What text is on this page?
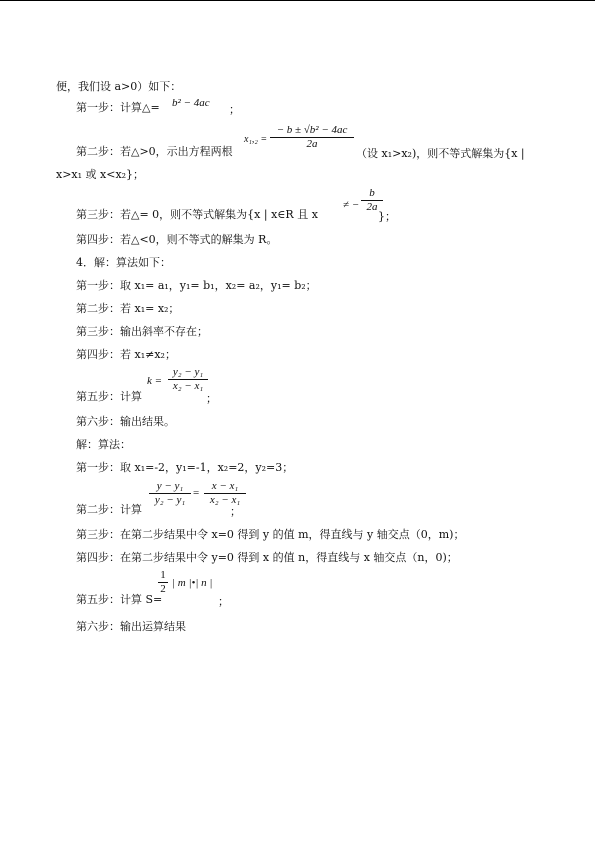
便，我们设 a>0）如下：
第一步：计算△= b² − 4ac ；
第二步：若△>0，示出方程两根
$x_1,_2 = \frac{\text{− b ± √b² − 4ac}}{2a}$
（设 x₁>x₂)，则不等式解集为{x |
x>x₁ 或 x<x₂}；
第三步：若△= 0，则不等式解集为{x | x∈R 且 x
≠ − $\frac{b}{2a}$
}；
第四步：若△<0，则不等式的解集为 R。
4．解：算法如下：
第一步：取 x₁= a₁，y₁= b₁，x₂= a₂，y₁= b₂；
第二步：若 x₁= x₂；
第三步：输出斜率不存在；
第四步：若 x₁≠x₂；
第五步：计算
$k = \frac{\text{y₂ − y₁}}{\text{x₂ − x₁}}$
；
第六步：输出结果。
解：算法：
第一步：取 x₁=-2，y₁=-1，x₂=2，y₂=3；
第二步：计算
$\frac{\text{y − y₁}}{\text{y₂ − y₁}} = \frac{\text{x − x₁}}{\text{x₂ − x₁}}$
；
第三步：在第二步结果中令 x=0 得到 y 的值 m，得直线与 y 轴交点（0，m)；
第四步：在第二步结果中令 y=0 得到 x 的值 n，得直线与 x 轴交点（n，0)；
第五步：计算 S=
$\frac{1}{2}$ | m |•| n |
；
第六步：输出运算结果
